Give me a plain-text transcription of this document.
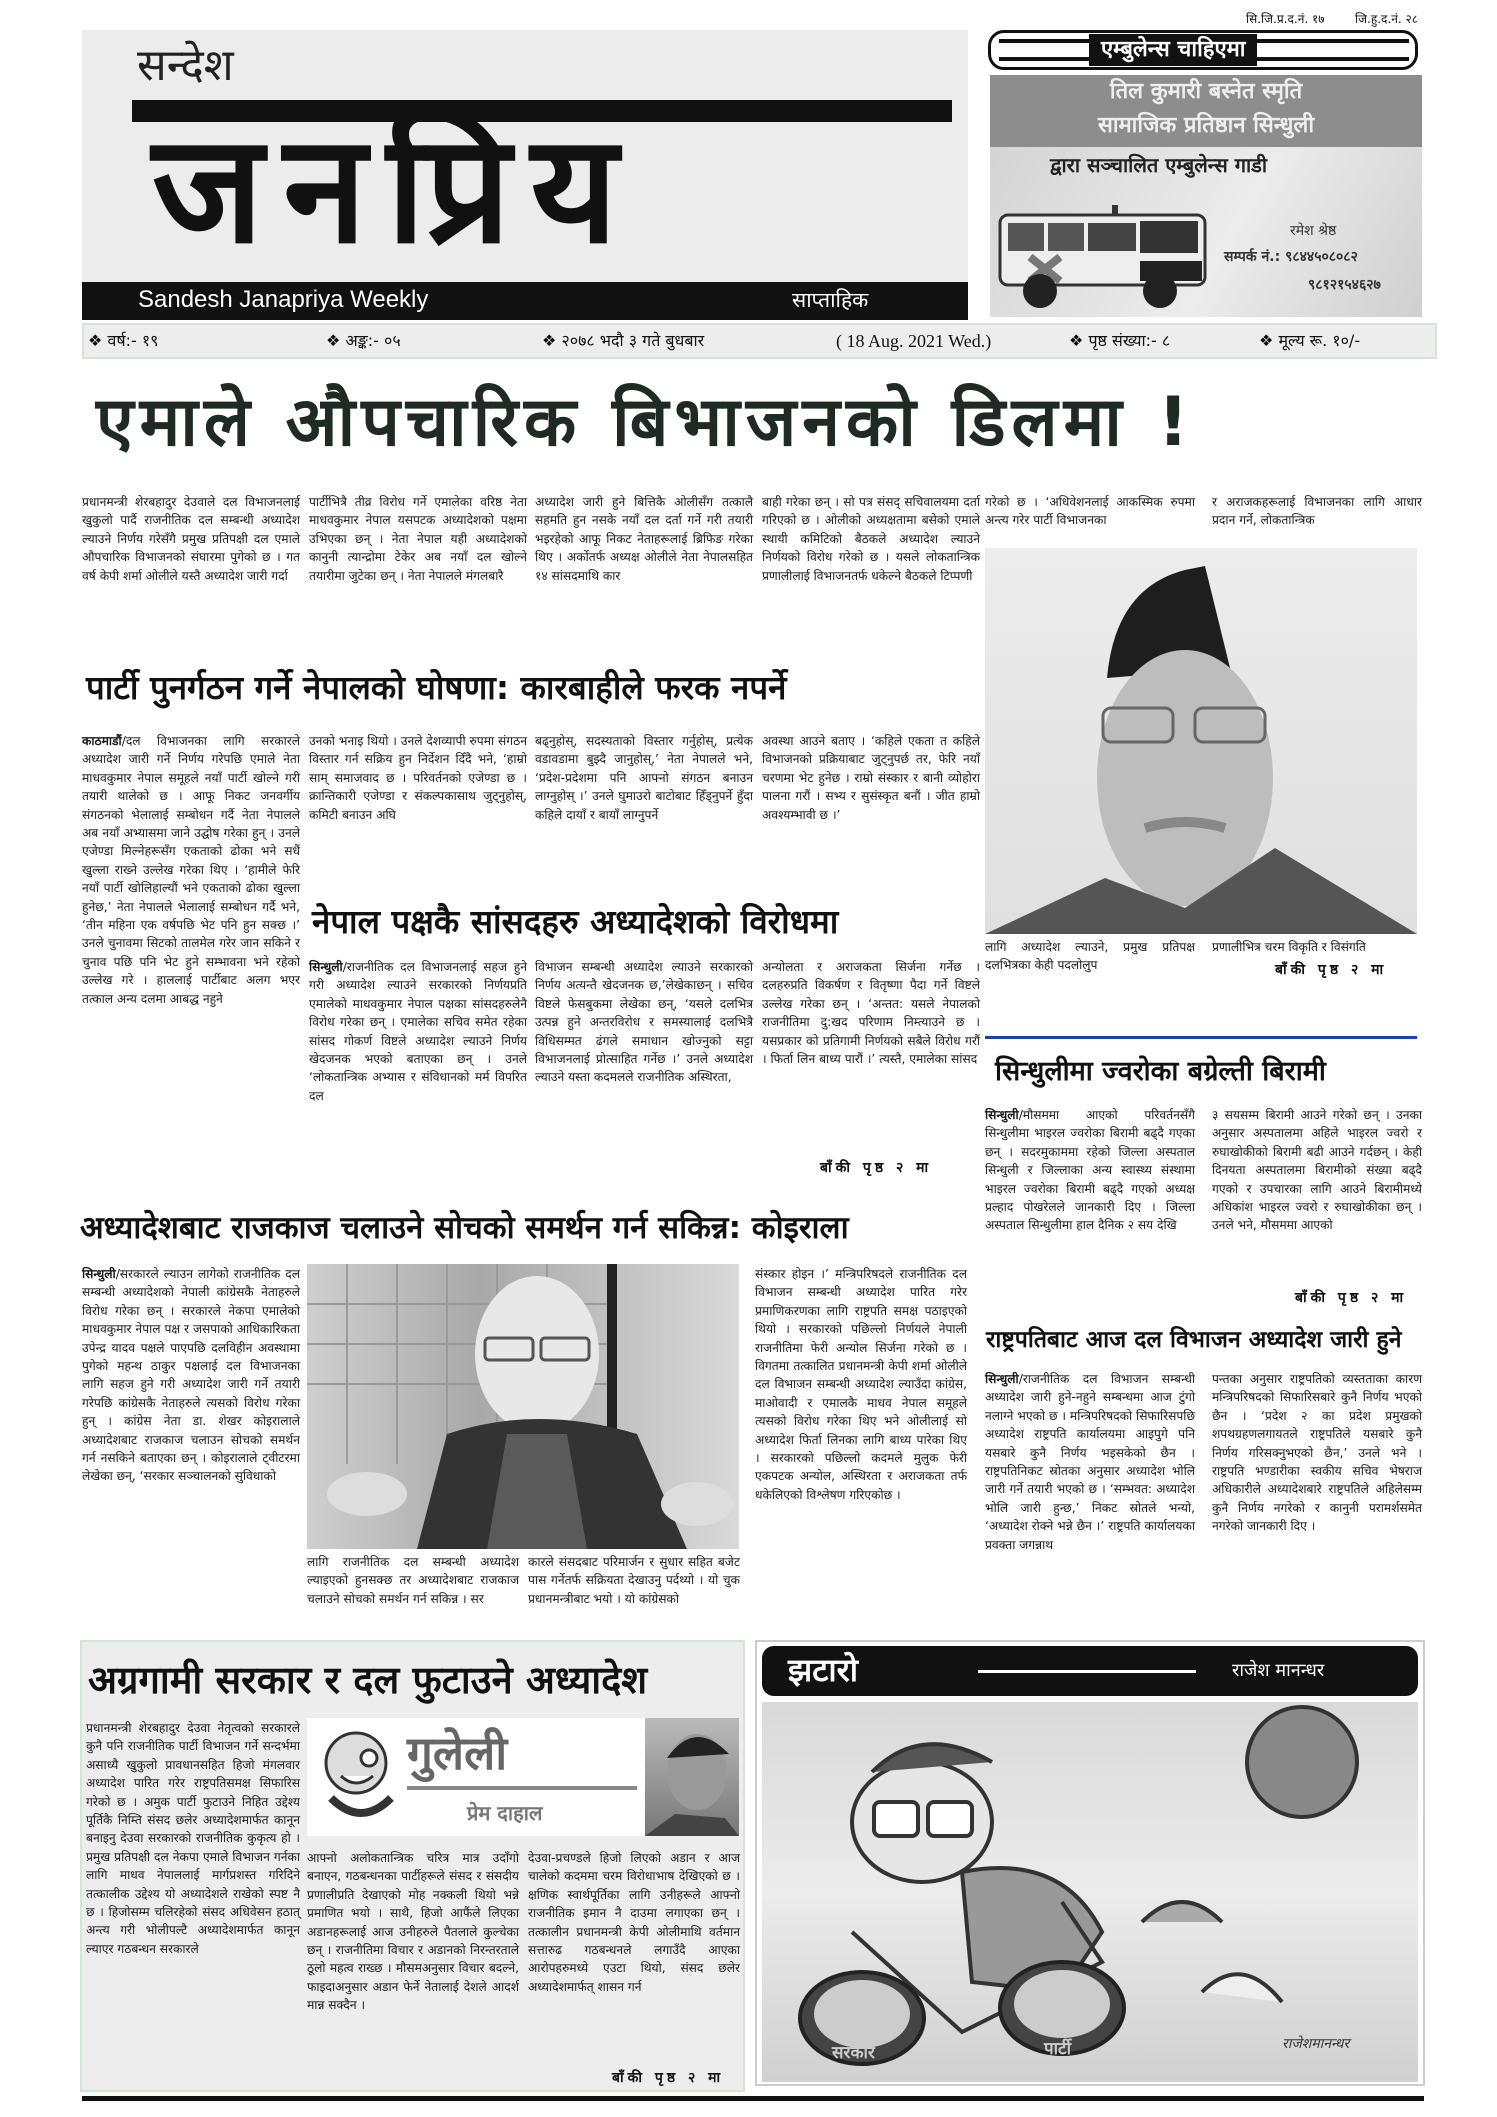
सि.जि.प्र.द.नं. १७	जि.हु.द.नं. २८
सन्देश
जनप्रिय
Sandesh Janapriya Weekly	साप्ताहिक
एम्बुलेन्स चाहिएमा
तिल कुमारी बस्नेत स्मृति
सामाजिक प्रतिष्ठान सिन्धुली
द्वारा सञ्चालित एम्बुलेन्स गाडी
रमेश श्रेष्ठ
सम्पर्क नं.: ९८४४५०८०८२
९८१२१५४६२७
❖ वर्ष:- १९	❖ अङ्क:- ०५	❖ २०७८ भदौ ३ गते बुधबार	( 18 Aug. 2021 Wed.)	❖ पृष्ठ संख्या:- ८	❖ मूल्य रू. १०/-
एमाले औपचारिक बिभाजनको डिलमा !
प्रधानमन्त्री शेरबहादुर देउवाले दल विभाजनलाई खुकुलो पार्दै राजनीतिक दल सम्बन्धी अध्यादेश ल्याउने निर्णय गरेसँगै प्रमुख प्रतिपक्षी दल एमाले औपचारिक विभाजनको संघारमा पुगेको छ । गत वर्ष केपी शर्मा ओलीले यस्तै अध्यादेश जारी गर्दा
पार्टीभित्रै तीव्र विरोध गर्ने एमालेका वरिष्ठ नेता माधवकुमार नेपाल यसपटक अध्यादेशको पक्षमा उभिएका छन् । नेता नेपाल यही अध्यादेशको कानुनी त्यान्द्रोमा टेकेर अब नयाँ दल खोल्ने तयारीमा जुटेका छन् । नेता नेपालले मंगलबारै
अध्यादेश जारी हुने बित्तिकै ओलीसँग तत्कालै सहमति हुन नसके नयाँ दल दर्ता गर्ने गरी तयारी भइरहेको आफू निकट नेताहरूलाई ब्रिफिङ गरेका थिए । अर्कोतर्फ अध्यक्ष ओलीले नेता नेपालसहित १४ सांसदमाथि कार
बाही गरेका छन् । सो पत्र संसद् सचिवालयमा दर्ता गरिएको छ । ओलीको अध्यक्षतामा बसेको एमाले स्थायी कमिटिको बैठकले अध्यादेश ल्याउने निर्णयको विरोध गरेको छ । यसले लोकतान्त्रिक प्रणालीलाई विभाजनतर्फ धकेल्ने बैठकले टिप्पणी
गरेको छ । ‘अधिवेशनलाई आकस्मिक रुपमा अन्त्य गरेर पार्टी विभाजनका
र अराजकहरूलाई विभाजनका लागि आधार प्रदान गर्ने, लोकतान्त्रिक
लागि अध्यादेश ल्याउने, प्रमुख प्रतिपक्ष दलभित्रका केही पदलोलुप
प्रणालीभित्र चरम विकृति र विसंगति
बाँकी पृष्ठ २ मा
पार्टी पुनर्गठन गर्ने नेपालको घोषणा: कारबाहीले फरक नपर्ने
काठमाडौं/दल विभाजनका लागि सरकारले अध्यादेश जारी गर्ने निर्णय गरेपछि एमाले नेता माधवकुमार नेपाल समूहले नयाँ पार्टी खोल्ने गरी तयारी थालेको छ । आफू निकट जनवर्गीय संगठनको भेलालाई सम्बोधन गर्दै नेता नेपालले अब नयाँ अभ्यासमा जाने उद्घोष गरेका हुन् । उनले एजेण्डा मिल्नेहरूसँग एकताको ढोका भने सधैं खुल्ला राख्ने उल्लेख गरेका थिए । ‘हामीले फेरि नयाँ पार्टी खोलिहाल्यौं भने एकताको ढोका खुल्ला हुनेछ,’ नेता नेपालले भेलालाई सम्बोधन गर्दै भने, ‘तीन महिना एक वर्षपछि भेट पनि हुन सक्छ ।’ उनले चुनावमा सिटको तालमेल गरेर जान सकिने र चुनाव पछि पनि भेट हुने सम्भावना भने रहेको उल्लेख गरे । हाललाई पार्टीबाट अलग भएर तत्काल अन्य दलमा आबद्ध नहुने
उनको भनाइ थियो । उनले देशव्यापी रुपमा संगठन विस्तार गर्न सक्रिय हुन निर्देशन दिँदै भने, ‘हाम्रो साम् समाजवाद छ । परिवर्तनको एजेण्डा छ । क्रान्तिकारी एजेण्डा र संकल्पकासाथ जुट्नुहोस्, कमिटी बनाउन अघि
बढ्नुहोस्, सदस्यताको विस्तार गर्नुहोस्, प्रत्येक वडावडामा बुझ्दै जानुहोस्,’ नेता नेपालले भने, ‘प्रदेश-प्रदेशमा पनि आफ्नो संगठन बनाउन लाग्नुहोस् ।’ उनले घुमाउरो बाटोबाट हिँड्नुपर्ने हुँदा कहिले दायाँ र बायाँ लाग्नुपर्ने
अवस्था आउने बताए । ‘कहिले एकता त कहिले विभाजनको प्रक्रियाबाट जुट्नुपर्छ तर, फेरि नयाँ चरणमा भेट हुनेछ । राम्रो संस्कार र बानी व्योहोरा पालना गरौं । सभ्य र सुसंस्कृत बनौं । जीत हाम्रो अवश्यम्भावी छ ।’
नेपाल पक्षकै सांसदहरु अध्यादेशको विरोधमा
सिन्धुली/राजनीतिक दल विभाजनलाई सहज हुने गरी अध्यादेश ल्याउने सरकारको निर्णयप्रति एमालेको माधवकुमार नेपाल पक्षका सांसदहरुलेनै विरोध गरेका छन् । एमालेका सचिव समेत रहेका सांसद गोकर्ण विष्टले अध्यादेश ल्याउने निर्णय खेदजनक भएको बताएका छन् । उनले ‘लोकतान्त्रिक अभ्यास र संविधानको मर्म विपरित दल
विभाजन सम्बन्धी अध्यादेश ल्याउने सरकारको निर्णय अत्यन्तै खेदजनक छ,’लेखेकाछन् । सचिव विष्टले फेसबुकमा लेखेका छन्, ‘यसले दलभित्र उत्पन्न हुने अन्तरविरोध र समस्यालाई दलभित्रै विधिसम्मत ढंगले समाधान खोज्नुको सट्टा विभाजनलाई प्रोत्साहित गर्नेछ ।’ उनले अध्यादेश ल्याउने यस्ता कदमलले राजनीतिक अस्थिरता,
अन्योलता र अराजकता सिर्जना गर्नेछ । दलहरुप्रति विकर्षण र वितृष्णा पैदा गर्ने विष्टले उल्लेख गरेका छन् । ‘अन्तत: यसले नेपालको राजनीतिमा दु:खद परिणाम निम्त्याउने छ । यसप्रकार को प्रतिगामी निर्णयको सबैले विरोध गरौं । फिर्ता लिन बाध्य पारौं ।’ त्यस्तै, एमालेका सांसद
बाँकी पृष्ठ २ मा
सिन्धुलीमा ज्वरोका बग्रेल्ती बिरामी
सिन्धुली/मौसममा आएको परिवर्तनसँगै सिन्धुलीमा भाइरल ज्वरोका बिरामी बढ्दै गएका छन् । सदरमुकाममा रहेको जिल्ला अस्पताल सिन्धुली र जिल्लाका अन्य स्वास्थ्य संस्थामा भाइरल ज्वरोका बिरामी बढ्दै गएको अध्यक्ष प्रल्हाद पोखरेलले जानकारी दिए । जिल्ला अस्पताल सिन्धुलीमा हाल दैनिक २ सय देखि
३ सयसम्म बिरामी आउने गरेको छन् । उनका अनुसार अस्पतालमा अहिले भाइरल ज्वरो र रुघाखोकीको बिरामी बढी आउने गर्दछन् । केही दिनयता अस्पतालमा बिरामीको संख्या बढ्दै गएको र उपचारका लागि आउने बिरामीमध्ये अधिकांश भाइरल ज्वरो र रुघाखोकीका छन् । उनले भने, मौसममा आएको
बाँकी पृष्ठ २ मा
अध्यादेशबाट राजकाज चलाउने सोचको समर्थन गर्न सकिन्न: कोइराला
सिन्धुली/सरकारले ल्याउन लागेको राजनीतिक दल सम्बन्धी अध्यादेशको नेपाली कांग्रेसकै नेताहरुले विरोध गरेका छन् । सरकारले नेकपा एमालेको माधवकुमार नेपाल पक्ष र जसपाको आधिकारिकता उपेन्द्र यादव पक्षले पाएपछि दलविहीन अवस्थामा पुगेको महन्थ ठाकुर पक्षलाई दल विभाजनका लागि सहज हुने गरी अध्यादेश जारी गर्ने तयारी गरेपछि कांग्रेसकै नेताहरुले त्यसको विरोध गरेका हुन् । कांग्रेस नेता डा. शेखर कोइरालाले अध्यादेशबाट राजकाज चलाउन सोचको समर्थन गर्न नसकिने बताएका छन् । कोइरालाले ट्वीटरमा लेखेका छन्, ‘सरकार सञ्चालनको सुविधाको
लागि राजनीतिक दल सम्बन्धी अध्यादेश ल्याइएको हुनसक्छ तर अध्यादेशबाट राजकाज चलाउने सोचको समर्थन गर्न सकिन्न । सर
कारले संसदबाट परिमार्जन र सुधार सहित बजेट पास गर्नेतर्फ सक्रियता देखाउनु पर्दथ्यो । यो चुक प्रधानमन्त्रीबाट भयो । यो कांग्रेसको
संस्कार होइन ।’ मन्त्रिपरिषदले राजनीतिक दल विभाजन सम्बन्धी अध्यादेश पारित गरेर प्रमाणिकरणका लागि राष्ट्रपति समक्ष पठाइएको थियो । सरकारको पछिल्लो निर्णयले नेपाली राजनीतिमा फेरी अन्योल सिर्जना गरेको छ । विगतमा तत्कालित प्रधानमन्त्री केपी शर्मा ओलीले दल विभाजन सम्बन्धी अध्यादेश ल्याउँदा कांग्रेस, माओवादी र एमालकै माधव नेपाल समूहले त्यसको विरोध गरेका थिए भने ओलीलाई सो अध्यादेश फिर्ता लिनका लागि बाध्य पारेका थिए । सरकारको पछिल्लो कदमले मुलुक फेरी एकपटक अन्योल, अस्थिरता र अराजकता तर्फ धकेलिएको विश्लेषण गरिएकोछ ।
राष्ट्रपतिबाट आज दल विभाजन अध्यादेश जारी हुने
सिन्धुली/राजनीतिक दल विभाजन सम्बन्धी अध्यादेश जारी हुने-नहुने सम्बन्धमा आज टुंगो नलाग्ने भएको छ । मन्त्रिपरिषदको सिफारिसपछि अध्यादेश राष्ट्रपति कार्यालयमा आइपुगे पनि यसबारे कुनै निर्णय भइसकेको छैन । राष्ट्रपतिनिकट स्रोतका अनुसार अध्यादेश भोलि जारी गर्ने तयारी भएको छ । ‘सम्भवत: अध्यादेश भोलि जारी हुन्छ,’ निकट स्रोतले भन्यो, ‘अध्यादेश रोक्ने भन्ने छैन ।’ राष्ट्रपति कार्यालयका प्रवक्ता जगन्नाथ
पन्तका अनुसार राष्ट्रपतिको व्यस्तताका कारण मन्त्रिपरिषदको सिफारिसबारे कुनै निर्णय भएको छैन । ‘प्रदेश २ का प्रदेश प्रमुखको शपथग्रहणलगायतले राष्ट्रपतिले यसबारे कुनै निर्णय गरिसक्नुभएको छैन,’ उनले भने । राष्ट्रपति भण्डारीका स्वकीय सचिव भेषराज अधिकारीले अध्यादेशबारे राष्ट्रपतिले अहिलेसम्म कुनै निर्णय नगरेको र कानुनी परामर्शसमेत नगरेको जानकारी दिए ।
अग्रगामी सरकार र दल फुटाउने अध्यादेश
प्रधानमन्त्री शेरबहादुर देउवा नेतृत्वको सरकारले कुनै पनि राजनीतिक पार्टी विभाजन गर्ने सन्दर्भमा असाध्यै खुकुलो प्रावधानसहित हिजो मंगलवार अध्यादेश पारित गरेर राष्ट्रपतिसमक्ष सिफारिस गरेको छ । अमुक पार्टी फुटाउने निहित उद्देश्य पूर्तिकै निम्ति संसद छलेर अध्यादेशमार्फत कानून बनाइनु देउवा सरकारको राजनीतिक कुकृत्य हो । प्रमुख प्रतिपक्षी दल नेकपा एमाले विभाजन गर्नका लागि माधव नेपाललाई मार्गप्रशस्त गरिदिने तत्कालीक उद्देश्य यो अध्यादेशले राखेको स्पष्ट नै छ । हिजोसम्म चलिरहेको संसद अधिवेसन हठात् अन्त्य गरी भोलीपल्टै अध्यादेशमार्फत कानून ल्याएर गठबन्धन सरकारले
गुलेली
प्रेम दाहाल
आफ्नो अलोकतान्त्रिक चरित्र मात्र उदाँगो बनाएन, गठबन्धनका पार्टीहरूले संसद र संसदीय प्रणालीप्रति देखाएको मोह नक्कली थियो भन्ने प्रमाणित भयो । साथै, हिजो आफैंले लिएका अडानहरूलाई आज उनीहरुले पैतलाले कुल्चेका छन् । राजनीतिमा विचार र अडानको निरन्तरताले ठूलो महत्व राख्छ । मौसमअनुसार विचार बदल्ने, फाइदाअनुसार अडान फेर्ने नेतालाई देशले आदर्श मान्न सक्दैन ।
देउवा-प्रचण्डले हिजो लिएको अडान र आज चालेको कदममा चरम विरोधाभाष देखिएको छ । क्षणिक स्वार्थपूर्तिका लागि उनीहरूले आफ्नो राजनीतिक इमान नै दाउमा लगाएका छन् । तत्कालीन प्रधानमन्त्री केपी ओलीमाथि वर्तमान सत्तारुढ गठबन्धनले लगाउँदै आएका आरोपहरुमध्ये एउटा थियो, संसद छलेर अध्यादेशमार्फत् शासन गर्न
बाँकी पृष्ठ २ मा
झटारो	राजेश मानन्धर
सरकार	पार्टी	राजेशमानन्धर
